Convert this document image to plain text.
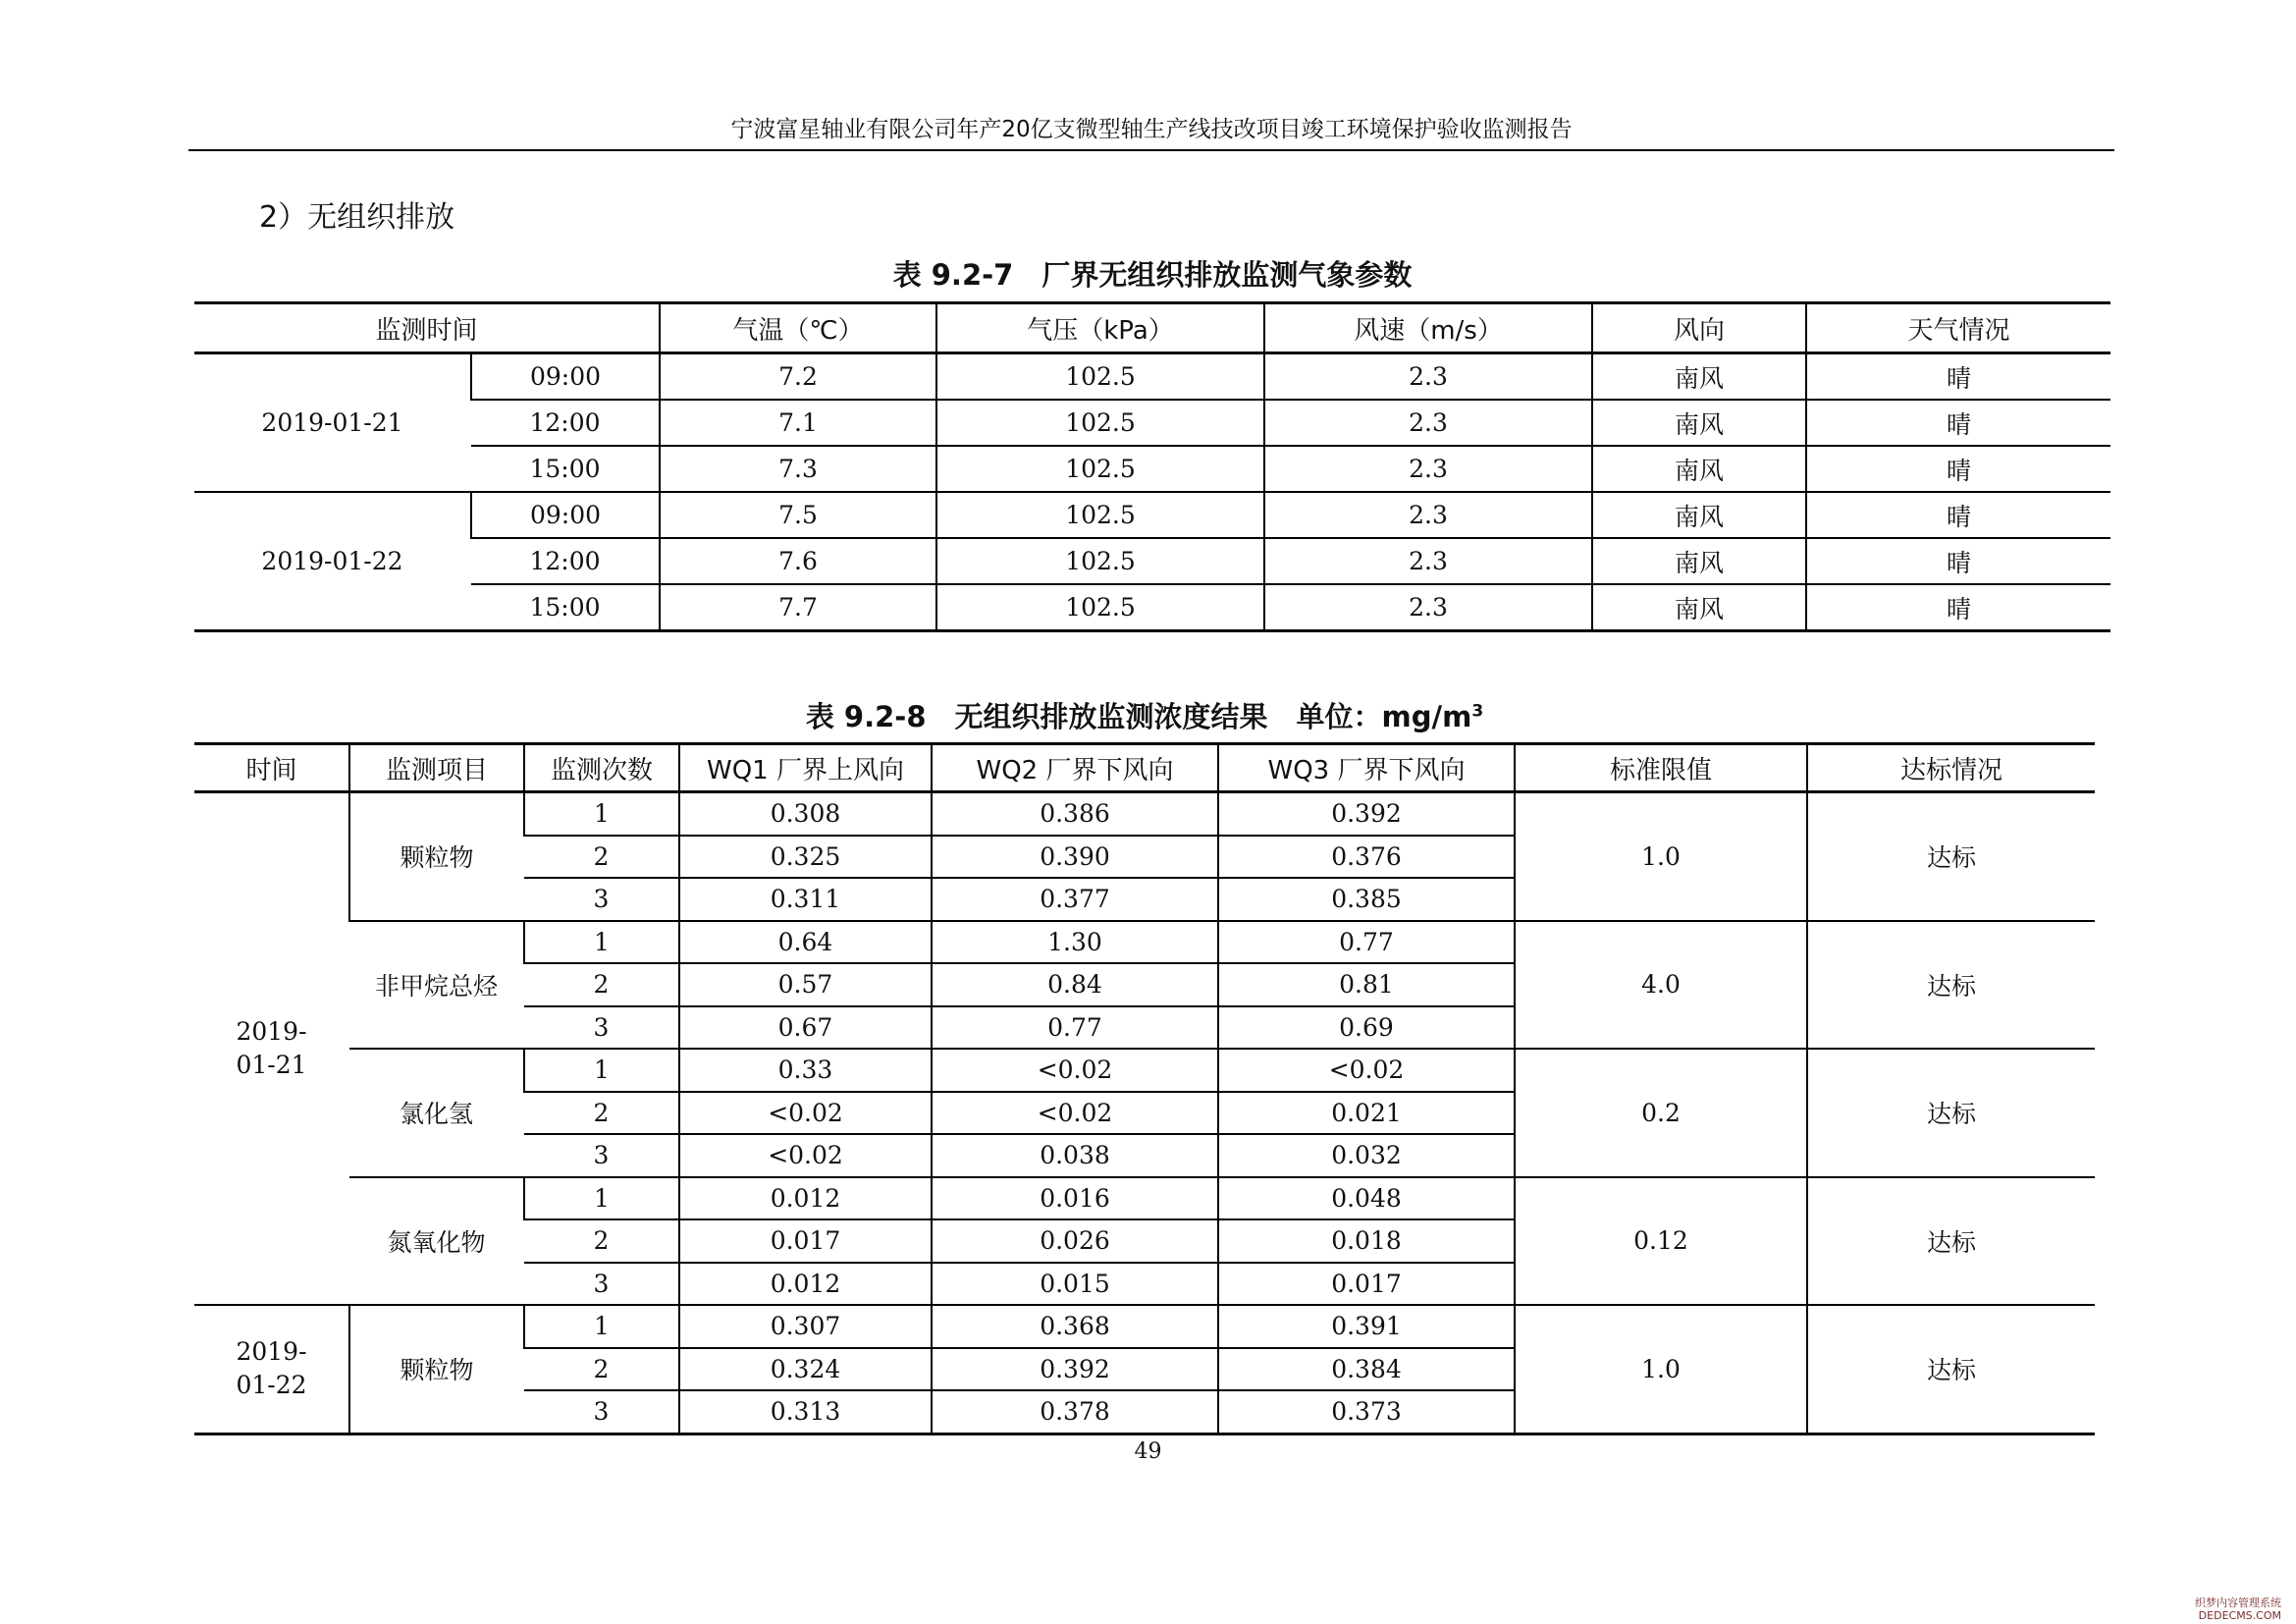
宁波富星轴业有限公司年产20亿支微型轴生产线技改项目竣工环境保护验收监测报告
2）无组织排放
表 9.2-7　厂界无组织排放监测气象参数
监测时间		气温（℃）	气压（kPa）	风速（m/s）	风向	天气情况
2019-01-21	09:00	7.2	102.5	2.3	南风	晴
	12:00	7.1	102.5	2.3	南风	晴
	15:00	7.3	102.5	2.3	南风	晴
2019-01-22	09:00	7.5	102.5	2.3	南风	晴
	12:00	7.6	102.5	2.3	南风	晴
	15:00	7.7	102.5	2.3	南风	晴
表 9.2-8　无组织排放监测浓度结果　单位：$mg/m^3$
时间	监测项目	监测次数	WQ1 厂界上风向	WQ2 厂界下风向	WQ3 厂界下风向	标准限值	达标情况
2019-01-21	颗粒物	1	0.308	0.386	0.392	1.0	达标
		2	0.325	0.390	0.376		
		3	0.311	0.377	0.385		
	非甲烷总烃	1	0.64	1.30	0.77	4.0	达标
		2	0.57	0.84	0.81		
		3	0.67	0.77	0.69		
	氯化氢	1	0.33	<0.02	<0.02	0.2	达标
		2	<0.02	<0.02	0.021		
		3	<0.02	0.038	0.032		
	氮氧化物	1	0.012	0.016	0.048	0.12	达标
		2	0.017	0.026	0.018		
		3	0.012	0.015	0.017		
2019-01-22	颗粒物	1	0.307	0.368	0.391	1.0	达标
		2	0.324	0.392	0.384		
		3	0.313	0.378	0.373		
49
织梦内容管理系统
DEDECMS.COM
